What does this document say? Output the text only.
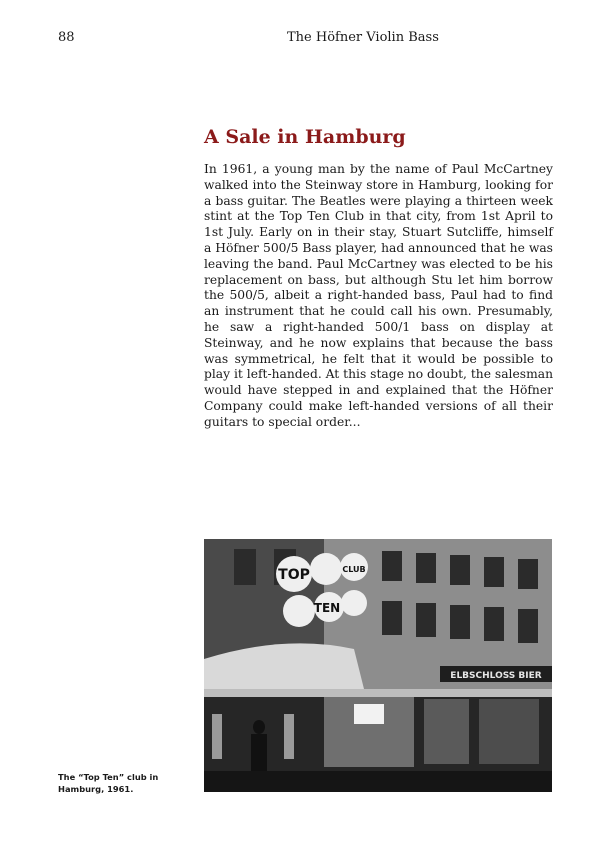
88	The Höfner Violin Bass
A Sale in Hamburg

In 1961, a young man by the name of Paul McCartney walked into the Steinway store in Hamburg, looking for a bass guitar. The Beatles were playing a thirteen week stint at the Top Ten Club in that city, from 1st April to 1st July. Early on in their stay, Stuart Sutcliffe, himself a Höfner 500/5 Bass player, had announced that he was leaving the band. Paul McCartney was elected to be his replacement on bass, but although Stu let him borrow the 500/5, albeit a right-handed bass, Paul had to find an instrument that he could call his own. Presumably, he saw a right-handed 500/1 bass on display at Steinway, and he now explains that because the bass was symmetrical, he felt that it would be possible to play it left-handed. At this stage no doubt, the salesman would have stepped in and explained that the Höfner Company could make left-handed versions of all their guitars to special order...

TOP
TEN
CLUB
ELBSCHLOSS BIER
The “Top Ten” club in Hamburg, 1961.
